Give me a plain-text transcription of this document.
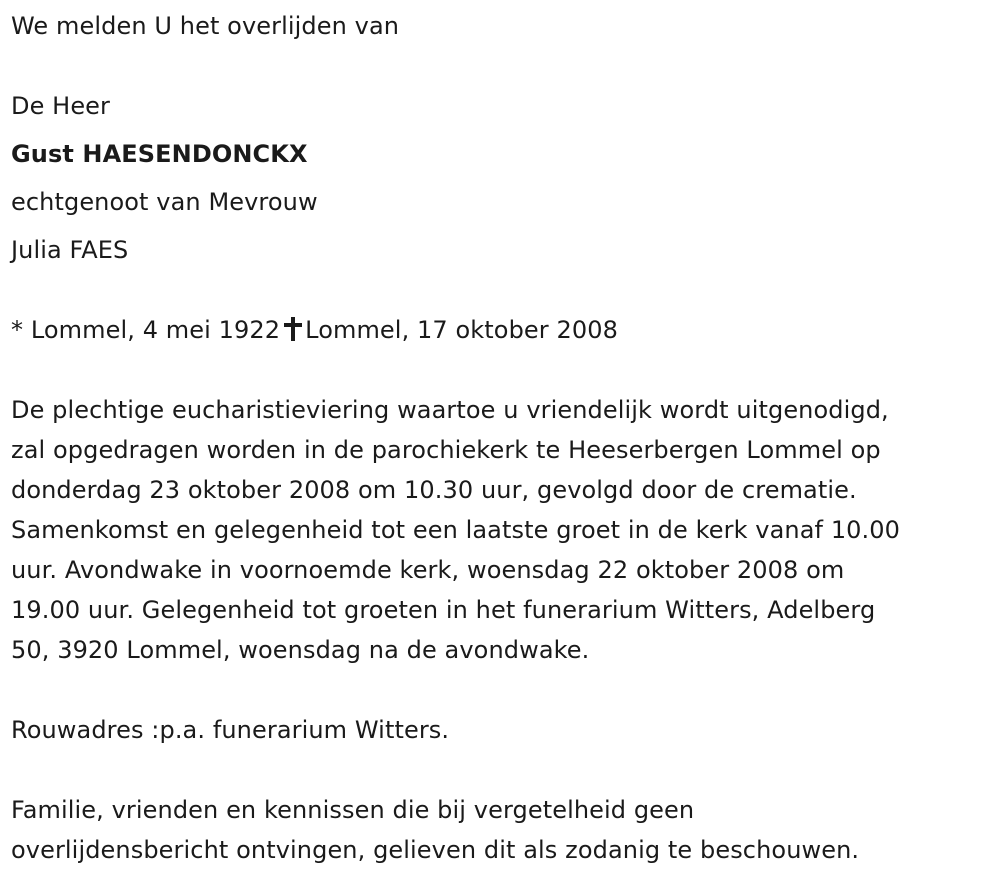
We melden U het overlijden van
De Heer
Gust HAESENDONCKX
echtgenoot van Mevrouw
Julia FAES
* Lommel, 4 mei 1922 Lommel, 17 oktober 2008
De plechtige eucharistieviering waartoe u vriendelijk wordt uitgenodigd,
zal opgedragen worden in de parochiekerk te Heeserbergen Lommel op
donderdag 23 oktober 2008 om 10.30 uur, gevolgd door de crematie.
Samenkomst en gelegenheid tot een laatste groet in de kerk vanaf 10.00
uur. Avondwake in voornoemde kerk, woensdag 22 oktober 2008 om
19.00 uur. Gelegenheid tot groeten in het funerarium Witters, Adelberg
50, 3920 Lommel, woensdag na de avondwake.
Rouwadres :p.a. funerarium Witters.
Familie, vrienden en kennissen die bij vergetelheid geen
overlijdensbericht ontvingen, gelieven dit als zodanig te beschouwen.
